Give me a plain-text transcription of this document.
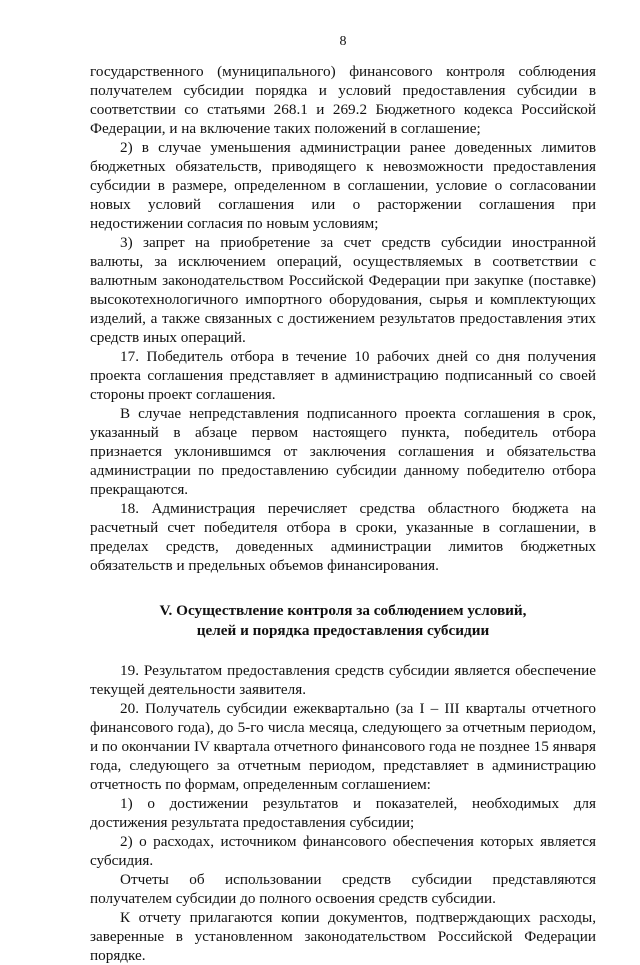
8

государственного (муниципального) финансового контроля соблюдения получателем субсидии порядка и условий предоставления субсидии в соответствии со статьями 268.1 и 269.2 Бюджетного кодекса Российской Федерации, и на включение таких положений в соглашение;

2) в случае уменьшения администрации ранее доведенных лимитов бюджетных обязательств, приводящего к невозможности предоставления субсидии в размере, определенном в соглашении, условие о согласовании новых условий соглашения или о расторжении соглашения при недостижении согласия по новым условиям;

3) запрет на приобретение за счет средств субсидии иностранной валюты, за исключением операций, осуществляемых в соответствии с валютным законодательством Российской Федерации при закупке (поставке) высокотехнологичного импортного оборудования, сырья и комплектующих изделий, а также связанных с достижением результатов предоставления этих средств иных операций.

17. Победитель отбора в течение 10 рабочих дней со дня получения проекта соглашения представляет в администрацию подписанный со своей стороны проект соглашения.

В случае непредставления подписанного проекта соглашения в срок, указанный в абзаце первом настоящего пункта, победитель отбора признается уклонившимся от заключения соглашения и обязательства администрации по предоставлению субсидии данному победителю отбора прекращаются.

18. Администрация перечисляет средства областного бюджета на расчетный счет победителя отбора в сроки, указанные в соглашении, в пределах средств, доведенных администрации лимитов бюджетных обязательств и предельных объемов финансирования.

V. Осуществление контроля за соблюдением условий,
целей и порядка предоставления субсидии

19. Результатом предоставления средств субсидии является обеспечение текущей деятельности заявителя.

20. Получатель субсидии ежеквартально (за I – III кварталы отчетного финансового года), до 5-го числа месяца, следующего за отчетным периодом, и по окончании IV квартала отчетного финансового года не позднее 15 января года, следующего за отчетным периодом, представляет в администрацию отчетность по формам, определенным соглашением:

1) о достижении результатов и показателей, необходимых для достижения результата предоставления субсидии;

2) о расходах, источником финансового обеспечения которых является субсидия.

Отчеты об использовании средств субсидии представляются получателем субсидии до полного освоения средств субсидии.

К отчету прилагаются копии документов, подтверждающих расходы, заверенные в установленном законодательством Российской Федерации порядке.
